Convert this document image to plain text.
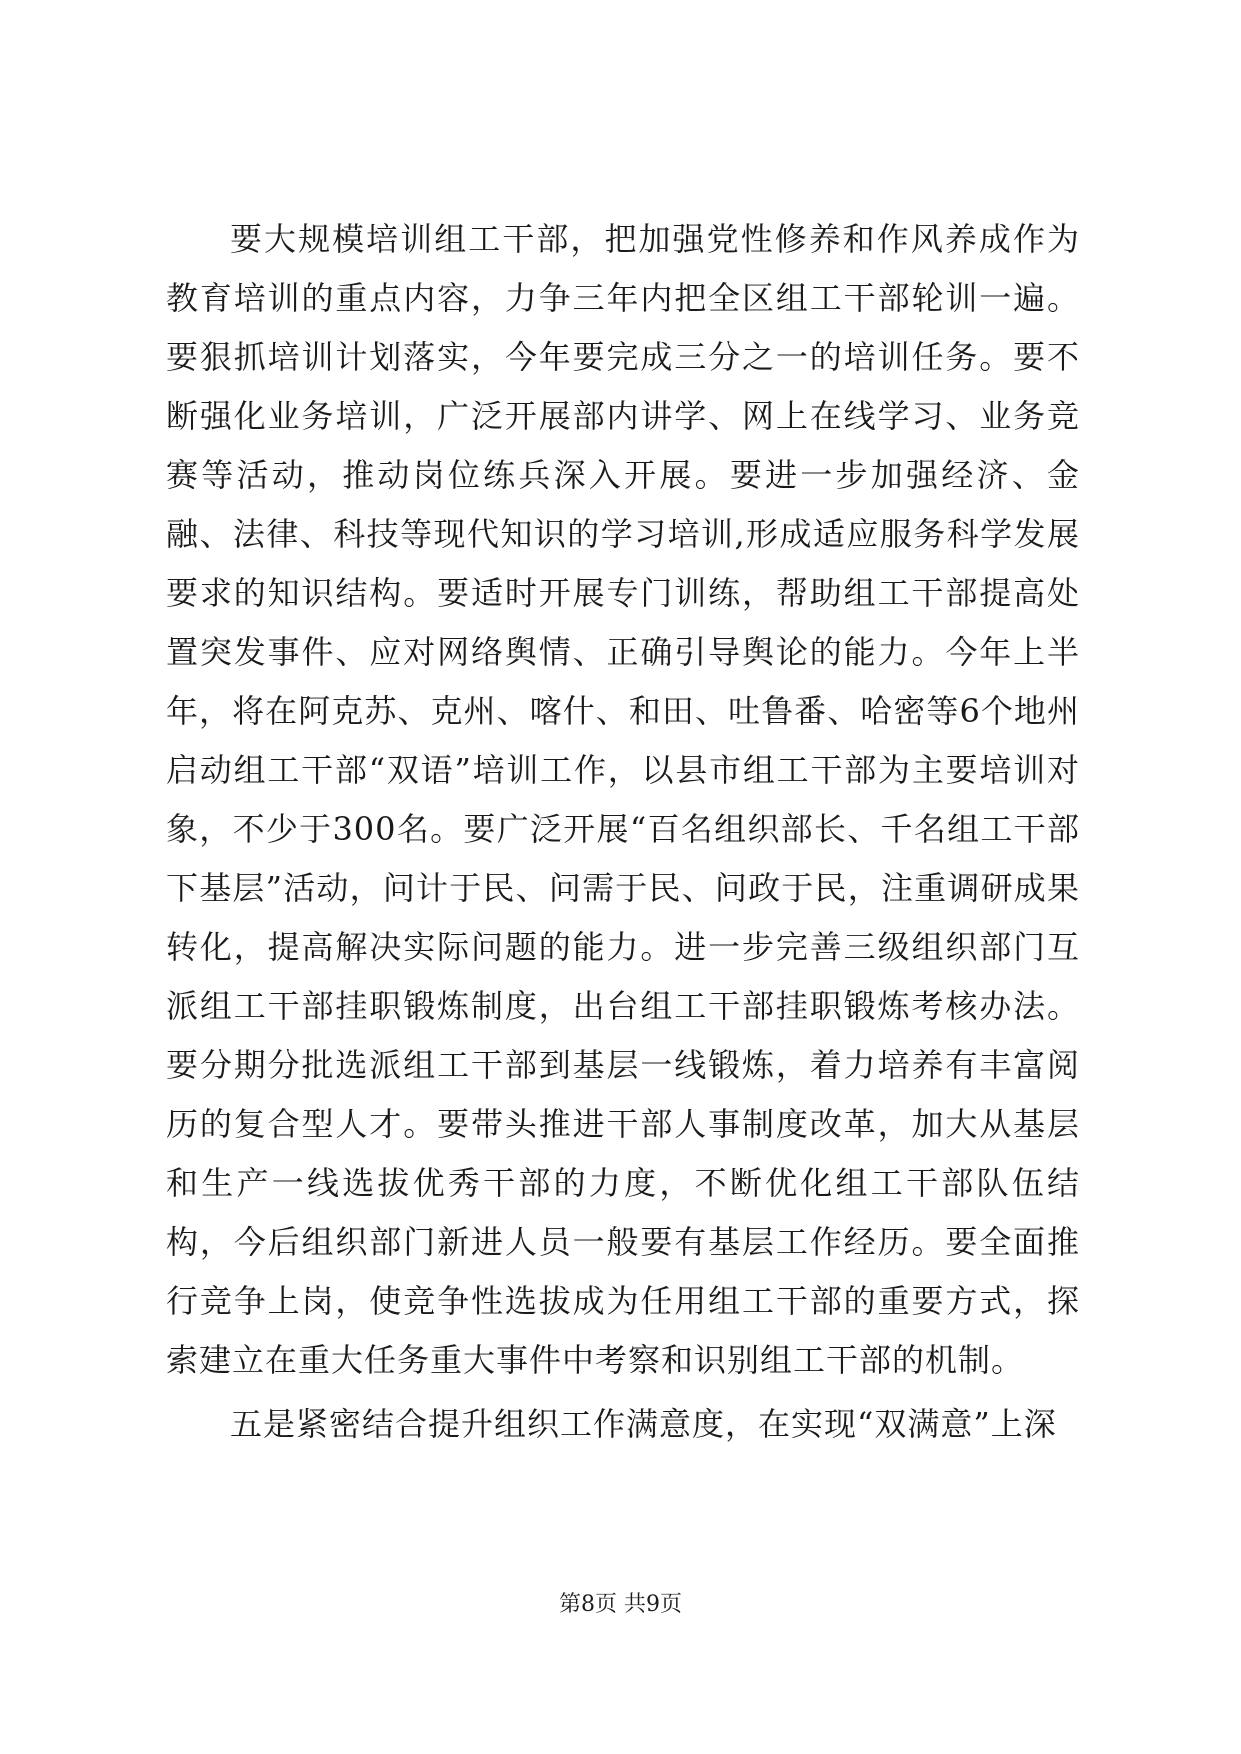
要大规模培训组工干部，把加强党性修养和作风养成作为教育培训的重点内容，力争三年内把全区组工干部轮训一遍。要狠抓培训计划落实，今年要完成三分之一的培训任务。要不断强化业务培训，广泛开展部内讲学、网上在线学习、业务竞赛等活动，推动岗位练兵深入开展。要进一步加强经济、金融、法律、科技等现代知识的学习培训,形成适应服务科学发展要求的知识结构。要适时开展专门训练，帮助组工干部提高处置突发事件、应对网络舆情、正确引导舆论的能力。今年上半年，将在阿克苏、克州、喀什、和田、吐鲁番、哈密等6个地州启动组工干部“双语”培训工作，以县市组工干部为主要培训对象，不少于300名。要广泛开展“百名组织部长、千名组工干部下基层”活动，问计于民、问需于民、问政于民，注重调研成果转化，提高解决实际问题的能力。进一步完善三级组织部门互派组工干部挂职锻炼制度，出台组工干部挂职锻炼考核办法。要分期分批选派组工干部到基层一线锻炼，着力培养有丰富阅历的复合型人才。要带头推进干部人事制度改革，加大从基层和生产一线选拔优秀干部的力度，不断优化组工干部队伍结构，今后组织部门新进人员一般要有基层工作经历。要全面推行竞争上岗，使竞争性选拔成为任用组工干部的重要方式，探索建立在重大任务重大事件中考察和识别组工干部的机制。

五是紧密结合提升组织工作满意度，在实现“双满意”上深

第8页 共9页
